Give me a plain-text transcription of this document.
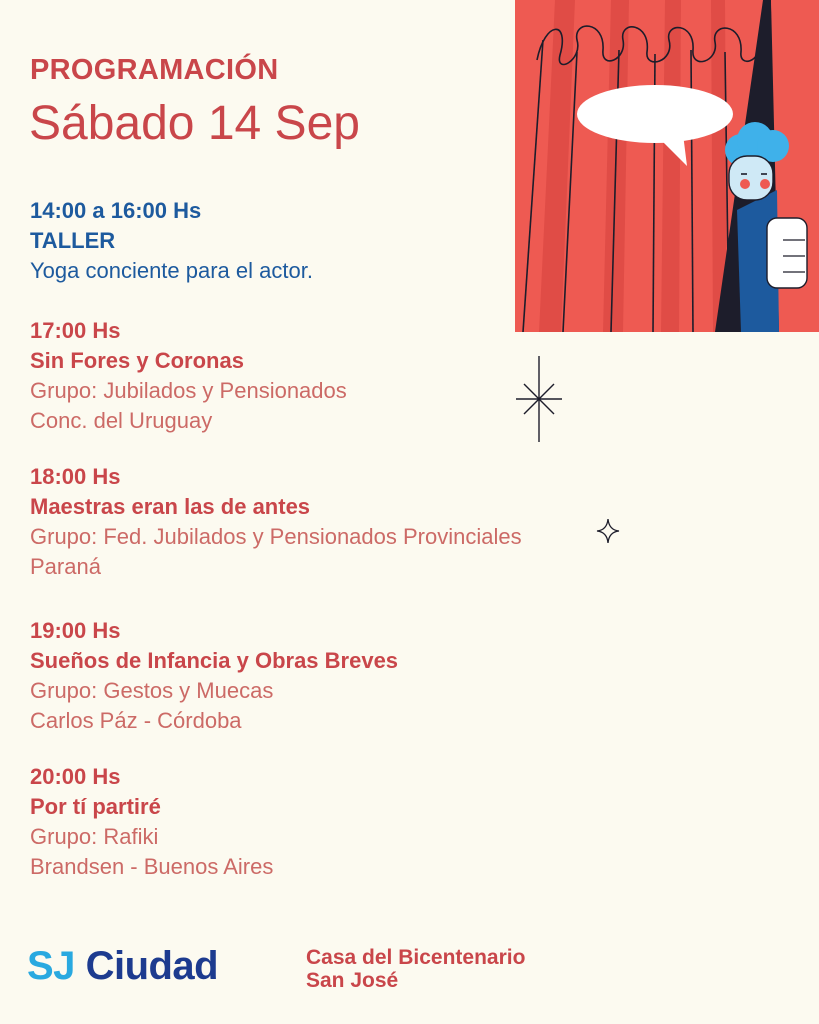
PROGRAMACIÓN
Sábado 14 Sep
14:00 a 16:00 Hs
TALLER
Yoga conciente para el actor.
17:00 Hs
Sin Fores y Coronas
Grupo: Jubilados y Pensionados
Conc. del Uruguay
18:00 Hs
Maestras eran las de antes
Grupo: Fed. Jubilados y Pensionados Provinciales
Paraná
19:00 Hs
Sueños de Infancia y Obras Breves
Grupo: Gestos y Muecas
Carlos Páz - Córdoba
20:00 Hs
Por tí partiré
Grupo: Rafiki
Brandsen - Buenos Aires
SJ Ciudad	Casa del Bicentenario
San José
